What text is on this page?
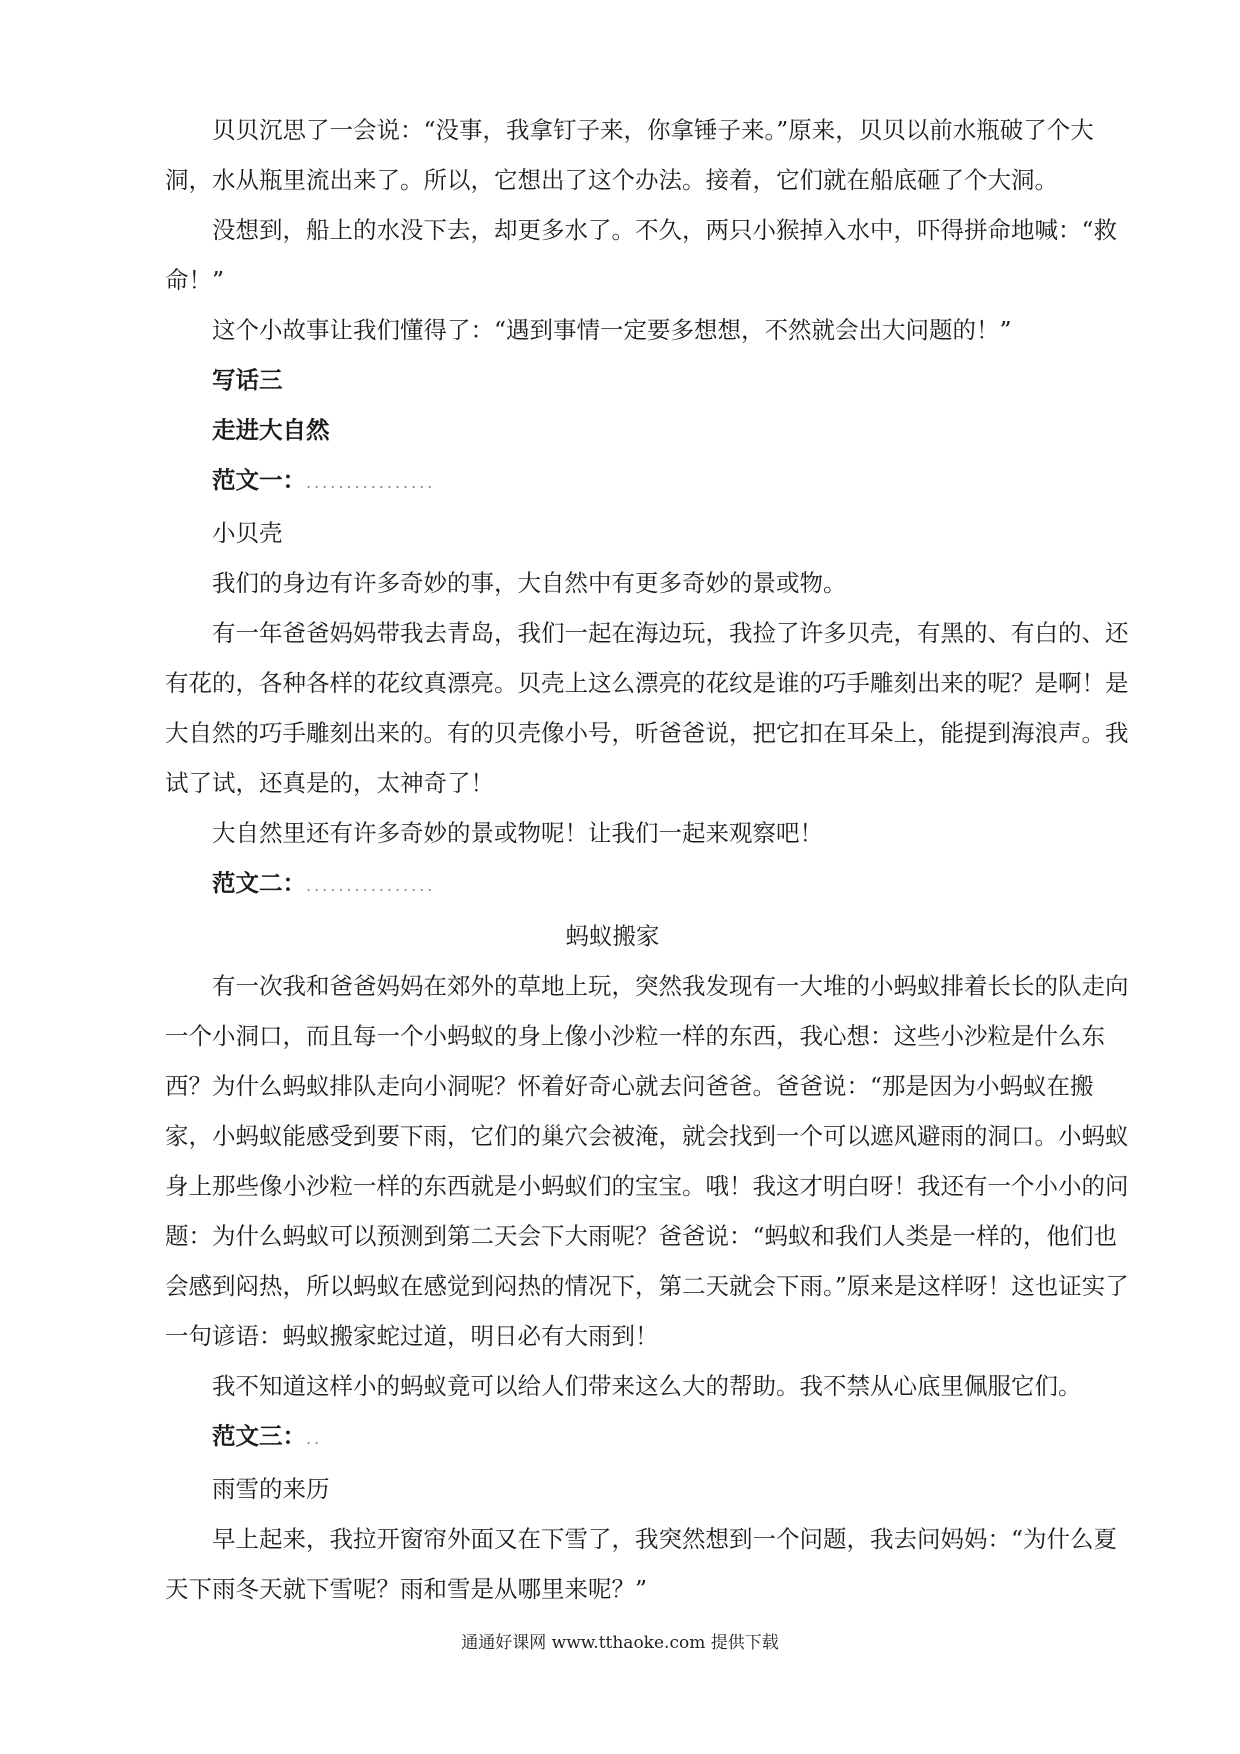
贝贝沉思了一会说：“没事，我拿钉子来，你拿锤子来。”原来，贝贝以前水瓶破了个大洞，水从瓶里流出来了。所以，它想出了这个办法。接着，它们就在船底砸了个大洞。

没想到，船上的水没下去，却更多水了。不久，两只小猴掉入水中，吓得拼命地喊：“救命！”

这个小故事让我们懂得了：“遇到事情一定要多想想，不然就会出大问题的！”

写话三

走进大自然

范文一：................

小贝壳

我们的身边有许多奇妙的事，大自然中有更多奇妙的景或物。

有一年爸爸妈妈带我去青岛，我们一起在海边玩，我捡了许多贝壳，有黑的、有白的、还有花的，各种各样的花纹真漂亮。贝壳上这么漂亮的花纹是谁的巧手雕刻出来的呢？是啊！是大自然的巧手雕刻出来的。有的贝壳像小号，听爸爸说，把它扣在耳朵上，能提到海浪声。我试了试，还真是的，太神奇了！

大自然里还有许多奇妙的景或物呢！让我们一起来观察吧！

范文二：................

蚂蚁搬家

有一次我和爸爸妈妈在郊外的草地上玩，突然我发现有一大堆的小蚂蚁排着长长的队走向一个小洞口，而且每一个小蚂蚁的身上像小沙粒一样的东西，我心想：这些小沙粒是什么东西？为什么蚂蚁排队走向小洞呢？怀着好奇心就去问爸爸。爸爸说：“那是因为小蚂蚁在搬家，小蚂蚁能感受到要下雨，它们的巢穴会被淹，就会找到一个可以遮风避雨的洞口。小蚂蚁身上那些像小沙粒一样的东西就是小蚂蚁们的宝宝。哦！我这才明白呀！我还有一个小小的问题：为什么蚂蚁可以预测到第二天会下大雨呢？爸爸说：“蚂蚁和我们人类是一样的，他们也会感到闷热，所以蚂蚁在感觉到闷热的情况下，第二天就会下雨。”原来是这样呀！这也证实了一句谚语：蚂蚁搬家蛇过道，明日必有大雨到！

我不知道这样小的蚂蚁竟可以给人们带来这么大的帮助。我不禁从心底里佩服它们。

范文三：..

雨雪的来历

早上起来，我拉开窗帘外面又在下雪了，我突然想到一个问题，我去问妈妈：“为什么夏天下雨冬天就下雪呢？雨和雪是从哪里来呢？”

通通好课网 www.tthaoke.com 提供下载
